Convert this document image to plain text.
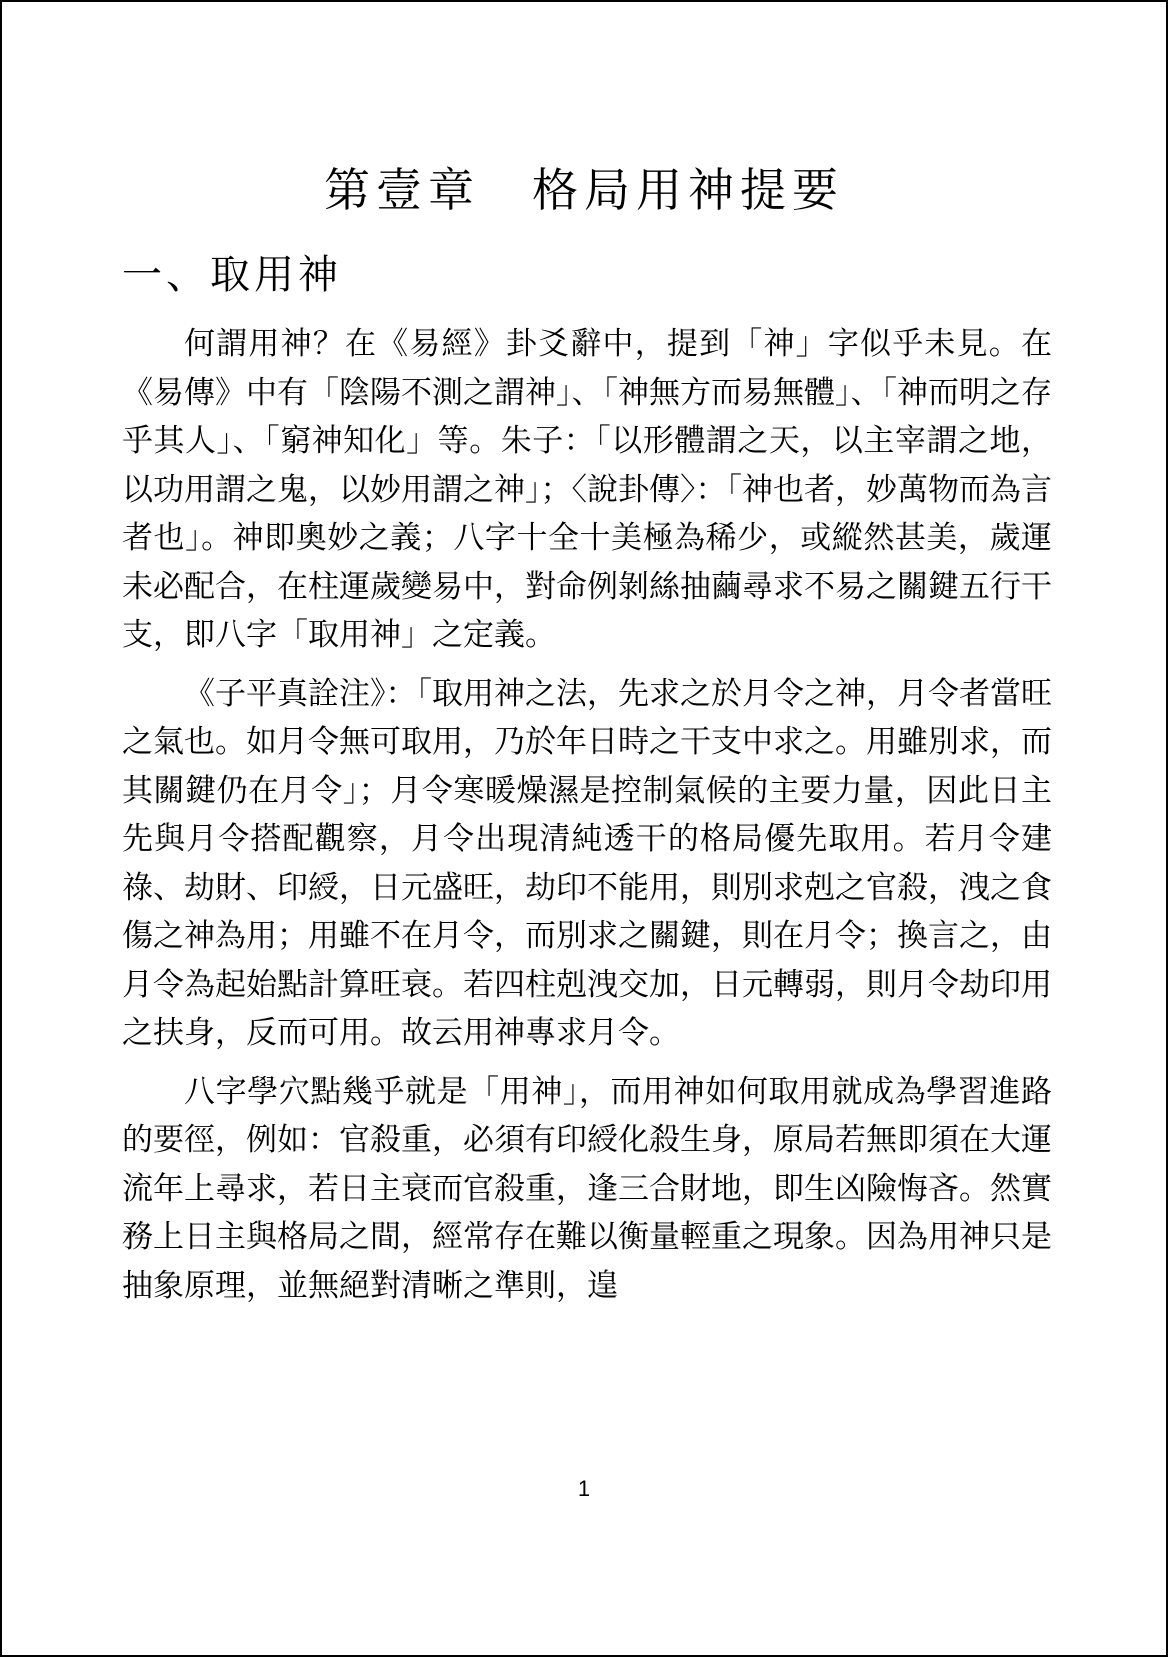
第壹章　格局用神提要
一、取用神

何謂用神？在《易經》卦爻辭中，提到「神」字似乎未見。在《易傳》中有「陰陽不測之謂神」、「神無方而易無體」、「神而明之存乎其人」、「窮神知化」等。朱子：「以形體謂之天，以主宰謂之地，以功用謂之鬼，以妙用謂之神」；〈說卦傳〉：「神也者，妙萬物而為言者也」。神即奧妙之義；八字十全十美極為稀少，或縱然甚美，歲運未必配合，在柱運歲變易中，對命例剝絲抽繭尋求不易之關鍵五行干支，即八字「取用神」之定義。

《子平真詮注》：「取用神之法，先求之於月令之神，月令者當旺之氣也。如月令無可取用，乃於年日時之干支中求之。用雖別求，而其關鍵仍在月令」；月令寒暖燥濕是控制氣候的主要力量，因此日主先與月令搭配觀察，月令出現清純透干的格局優先取用。若月令建祿、劫財、印綬，日元盛旺，劫印不能用，則別求剋之官殺，洩之食傷之神為用；用雖不在月令，而別求之關鍵，則在月令；換言之，由月令為起始點計算旺衰。若四柱剋洩交加，日元轉弱，則月令劫印用之扶身，反而可用。故云用神專求月令。

八字學穴點幾乎就是「用神」，而用神如何取用就成為學習進路的要徑，例如：官殺重，必須有印綬化殺生身，原局若無即須在大運流年上尋求，若日主衰而官殺重，逢三合財地，即生凶險悔吝。然實務上日主與格局之間，經常存在難以衡量輕重之現象。因為用神只是抽象原理，並無絕對清晰之準則，遑

1
